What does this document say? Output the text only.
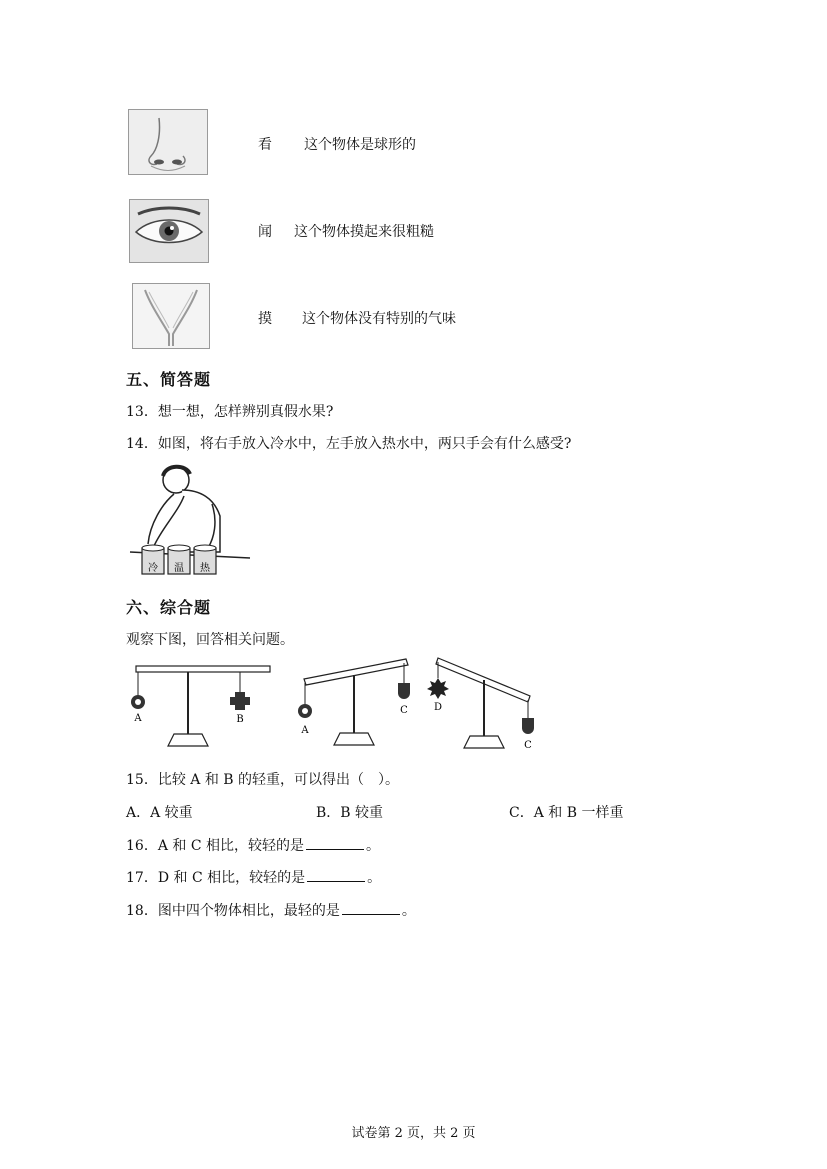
看 这个物体是球形的
闻 这个物体摸起来很粗糙
摸 这个物体没有特别的气味
五、简答题
13．想一想，怎样辨别真假水果?
14．如图，将右手放入冷水中，左手放入热水中，两只手会有什么感受?
冷 温 热
六、综合题
观察下图，回答相关问题。
A	B
A
C	D
C
15．比较 A 和 B 的轻重，可以得出（　）。
A．A 较重	B．B 较重	C．A 和 B 一样重
16．A 和 C 相比，较轻的是	。
17．D 和 C 相比，较轻的是	。
18．图中四个物体相比，最轻的是	。
试卷第 2 页，共 2 页
